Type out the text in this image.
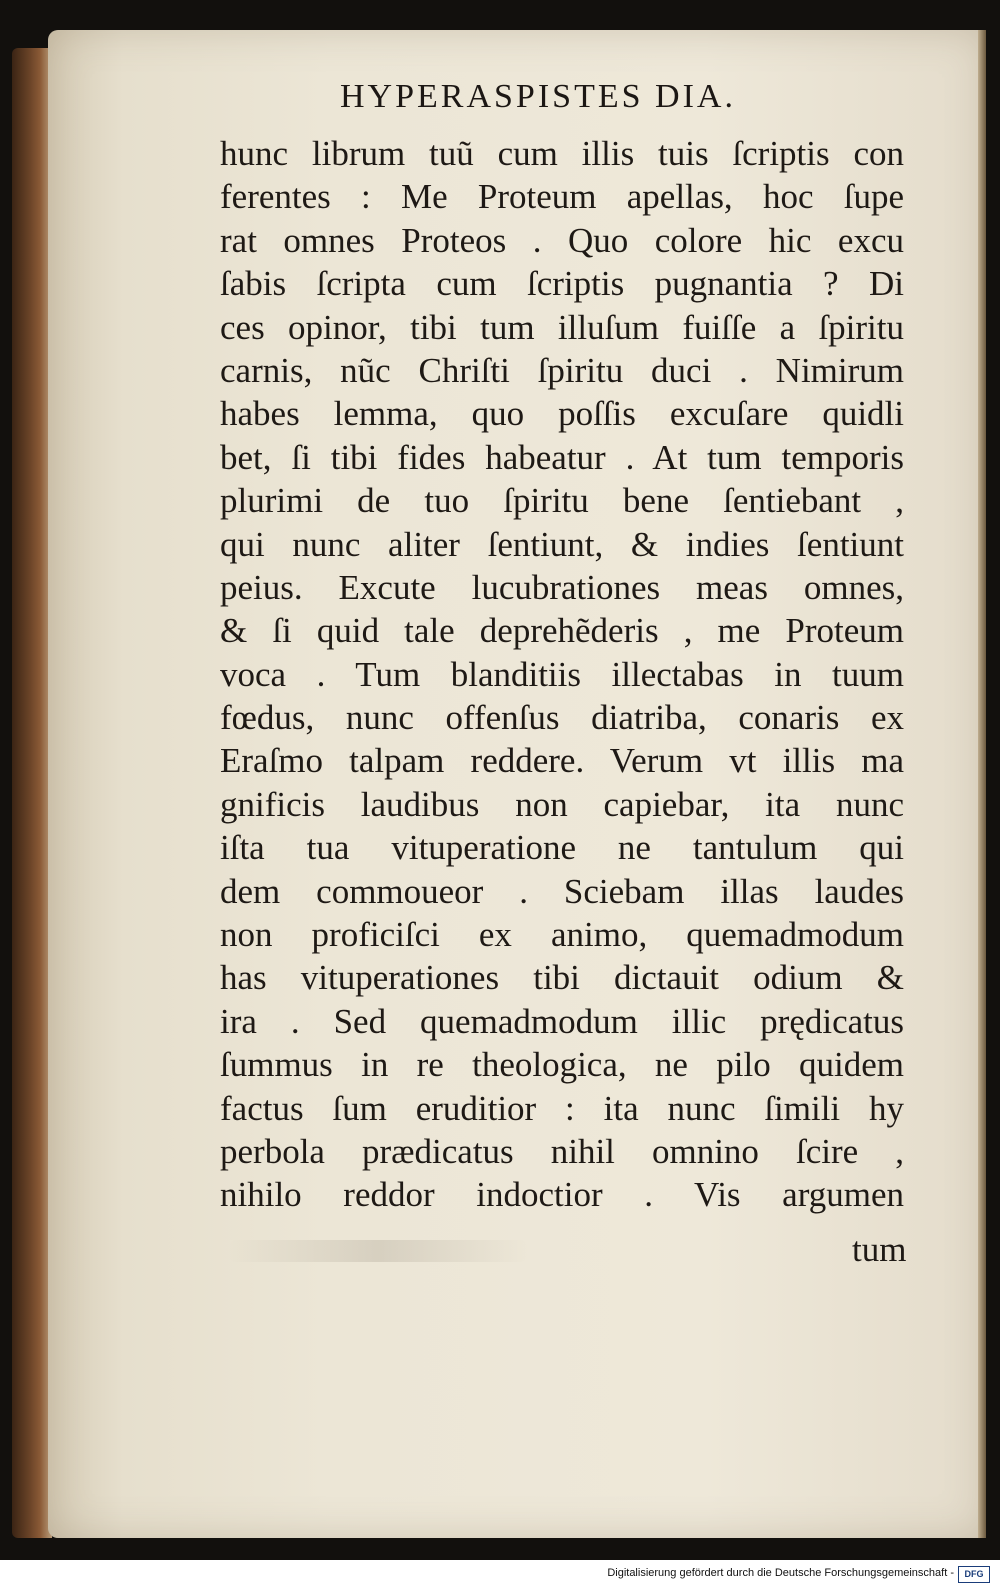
HYPERASPISTES DIA.
hunc librum tuũ cum illis tuis ſcriptis con
ferentes : Me Proteum apellas, hoc ſupe
rat omnes Proteos . Quo colore hic excu
ſabis ſcripta cum ſcriptis pugnantia ? Di
ces opinor, tibi tum illuſum fuiſſe a ſpiritu
carnis, nũc Chriſti ſpiritu duci . Nimirum
habes lemma, quo poſſis excuſare quidli
bet, ſi tibi fides habeatur . At tum temporis
plurimi de tuo ſpiritu bene ſentiebant ,
qui nunc aliter ſentiunt, & indies ſentiunt
peius. Excute lucubrationes meas omnes,
& ſi quid tale deprehẽderis , me Proteum
voca . Tum blanditiis illectabas in tuum
fœdus, nunc offenſus diatriba, conaris ex
Eraſmo talpam reddere. Verum vt illis ma
gnificis laudibus non capiebar, ita nunc
iſta tua vituperatione ne tantulum qui
dem commoueor . Sciebam illas laudes
non proficiſci ex animo, quemadmodum
has vituperationes tibi dictauit odium &
ira . Sed quemadmodum illic prędicatus
ſummus in re theologica, ne pilo quidem
factus ſum eruditior : ita nunc ſimili hy
perbola prædicatus nihil omnino ſcire ,
nihilo reddor indoctior . Vis argumen
tum
Digitalisierung gefördert durch die Deutsche Forschungsgemeinschaft -	DFG
